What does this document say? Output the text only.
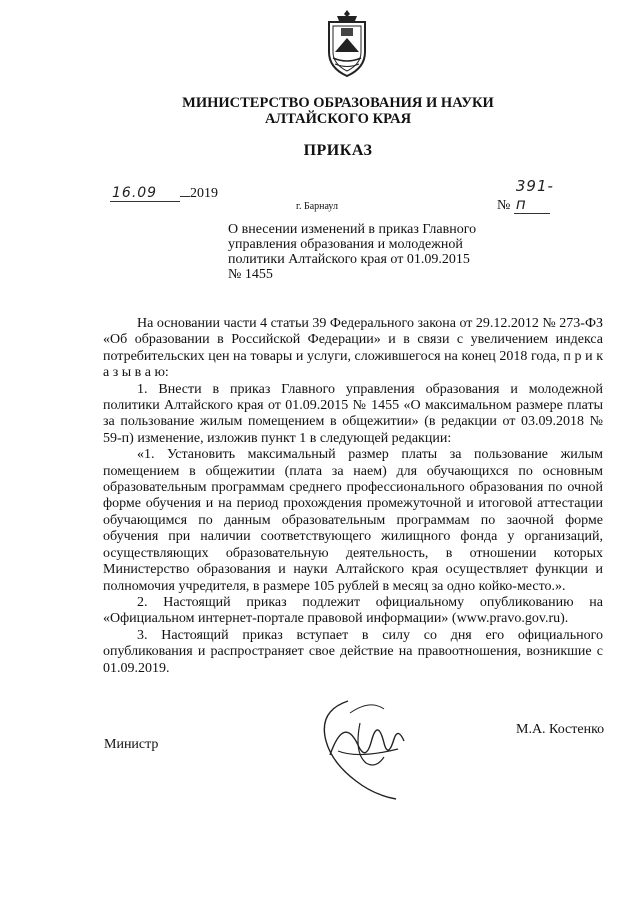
МИНИСТЕРСТВО ОБРАЗОВАНИЯ И НАУКИ
АЛТАЙСКОГО КРАЯ
ПРИКАЗ
16.09 2019
№ 391-п
г. Барнаул
О внесении изменений в приказ Главного управления образования и молодежной политики Алтайского края от 01.09.2015 № 1455

На основании части 4 статьи 39 Федерального закона от 29.12.2012 № 273-ФЗ «Об образовании в Российской Федерации» и в связи с увеличением индекса потребительских цен на товары и услуги, сложившегося на конец 2018 года, п р и к а з ы в а ю:

1. Внести в приказ Главного управления образования и молодежной политики Алтайского края от 01.09.2015 № 1455 «О максимальном размере платы за пользование жилым помещением в общежитии» (в редакции от 03.09.2018 № 59-п) изменение, изложив пункт 1 в следующей редакции:

«1. Установить максимальный размер платы за пользование жилым помещением в общежитии (плата за наем) для обучающихся по основным образовательным программам среднего профессионального образования по очной форме обучения и на период прохождения промежуточной и итоговой аттестации обучающимся по данным образовательным программам по заочной форме обучения при наличии соответствующего жилищного фонда у организаций, осуществляющих образовательную деятельность, в отношении которых Министерство образования и науки Алтайского края осуществляет функции и полномочия учредителя, в размере 105 рублей в месяц за одно койко-место.».

2. Настоящий приказ подлежит официальному опубликованию на «Официальном интернет-портале правовой информации» (www.pravo.gov.ru).

3. Настоящий приказ вступает в силу со дня его официального опубликования и распространяет свое действие на правоотношения, возникшие с 01.09.2019.

Министр
М.А. Костенко
